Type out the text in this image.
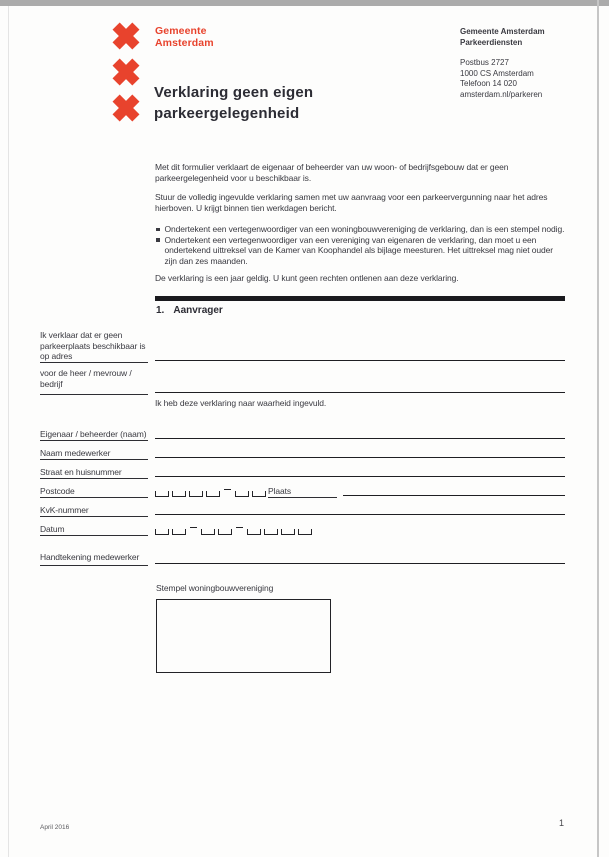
Gemeente
Amsterdam
Verklaring geen eigen
parkeergelegenheid
Gemeente Amsterdam
Parkeerdiensten
Postbus 2727
1000 CS Amsterdam
Telefoon 14 020
amsterdam.nl/parkeren
Met dit formulier verklaart de eigenaar of beheerder van uw woon- of bedrijfsgebouw dat er geen parkeergelegenheid voor u beschikbaar is.
Stuur de volledig ingevulde verklaring samen met uw aanvraag voor een parkeervergunning naar het adres hierboven. U krijgt binnen tien werkdagen bericht.
Ondertekent een vertegenwoordiger van een woningbouwvereniging de verklaring, dan is een stempel nodig.
Ondertekent een vertegenwoordiger van een vereniging van eigenaren de verklaring, dan moet u een ondertekend uittreksel van de Kamer van Koophandel als bijlage meesturen. Het uittreksel mag niet ouder zijn dan zes maanden.
De verklaring is een jaar geldig. U kunt geen rechten ontlenen aan deze verklaring.
1. Aanvrager
Ik verklaar dat er geen parkeerplaats beschikbaar is op adres
voor de heer / mevrouw / bedrijf
Ik heb deze verklaring naar waarheid ingevuld.
Eigenaar / beheerder (naam)
Naam medewerker
Straat en huisnummer
Postcode	Plaats
KvK-nummer
Datum
Handtekening medewerker
Stempel woningbouwvereniging
April 2016	1
